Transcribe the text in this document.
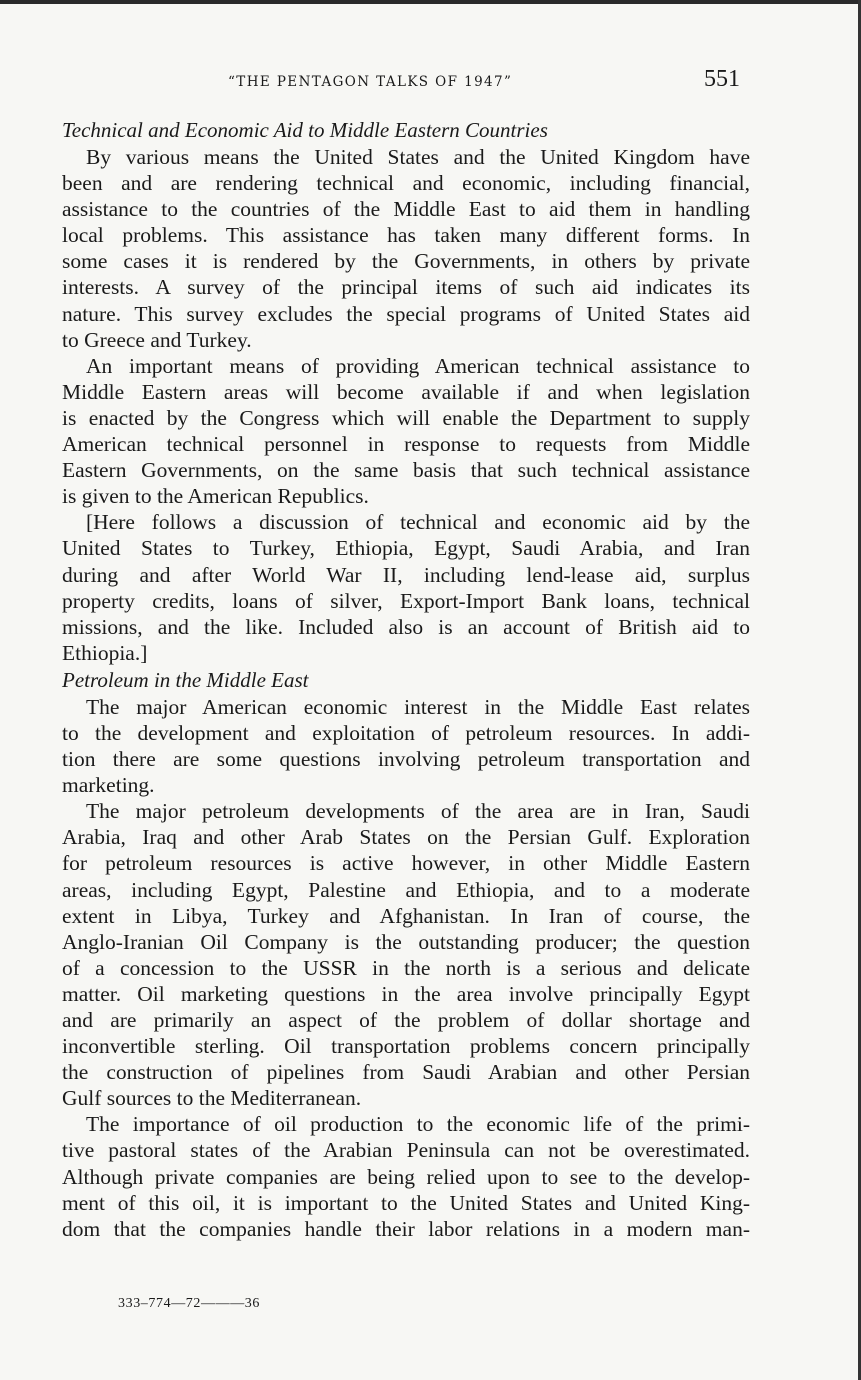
“THE PENTAGON TALKS OF 1947”	551
Technical and Economic Aid to Middle Eastern Countries
By various means the United States and the United Kingdom have
been and are rendering technical and economic, including financial,
assistance to the countries of the Middle East to aid them in handling
local problems. This assistance has taken many different forms. In
some cases it is rendered by the Governments, in others by private
interests. A survey of the principal items of such aid indicates its
nature. This survey excludes the special programs of United States aid
to Greece and Turkey.
An important means of providing American technical assistance to
Middle Eastern areas will become available if and when legislation
is enacted by the Congress which will enable the Department to supply
American technical personnel in response to requests from Middle
Eastern Governments, on the same basis that such technical assistance
is given to the American Republics.
[Here follows a discussion of technical and economic aid by the
United States to Turkey, Ethiopia, Egypt, Saudi Arabia, and Iran
during and after World War II, including lend-lease aid, surplus
property credits, loans of silver, Export-Import Bank loans, technical
missions, and the like. Included also is an account of British aid to
Ethiopia.]
Petroleum in the Middle East
The major American economic interest in the Middle East relates
to the development and exploitation of petroleum resources. In addi-
tion there are some questions involving petroleum transportation and
marketing.
The major petroleum developments of the area are in Iran, Saudi
Arabia, Iraq and other Arab States on the Persian Gulf. Exploration
for petroleum resources is active however, in other Middle Eastern
areas, including Egypt, Palestine and Ethiopia, and to a moderate
extent in Libya, Turkey and Afghanistan. In Iran of course, the
Anglo-Iranian Oil Company is the outstanding producer; the question
of a concession to the USSR in the north is a serious and delicate
matter. Oil marketing questions in the area involve principally Egypt
and are primarily an aspect of the problem of dollar shortage and
inconvertible sterling. Oil transportation problems concern principally
the construction of pipelines from Saudi Arabian and other Persian
Gulf sources to the Mediterranean.
The importance of oil production to the economic life of the primi-
tive pastoral states of the Arabian Peninsula can not be overestimated.
Although private companies are being relied upon to see to the develop-
ment of this oil, it is important to the United States and United King-
dom that the companies handle their labor relations in a modern man-
333–774—72———36
